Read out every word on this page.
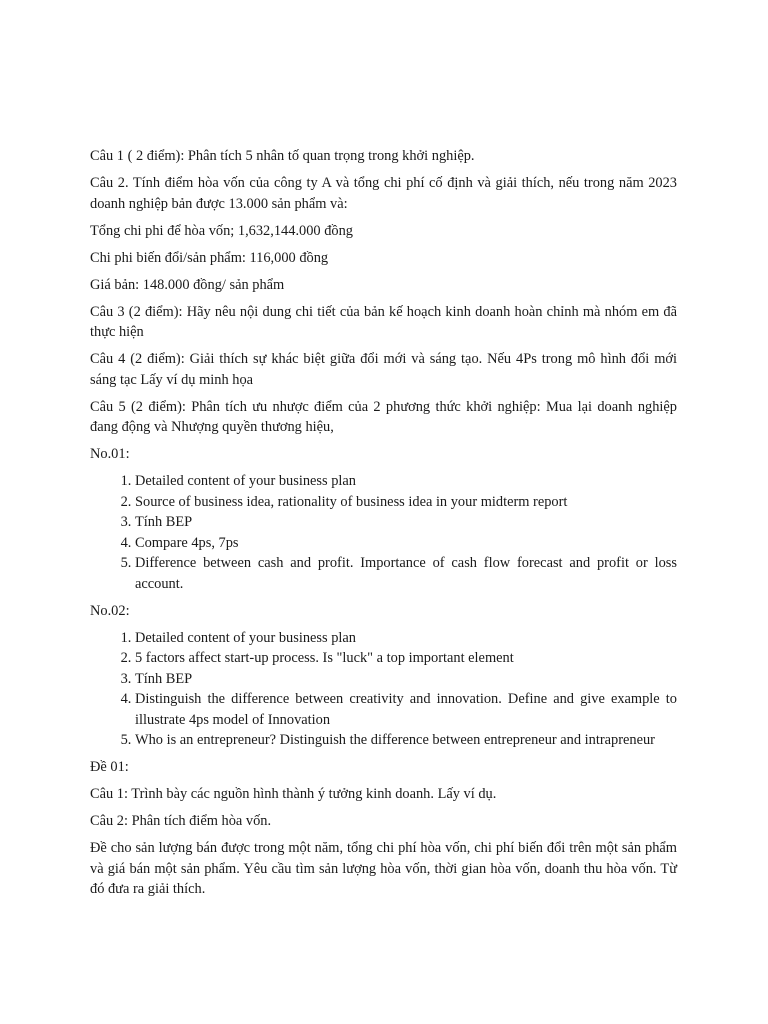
Câu 1 ( 2 điểm): Phân tích 5 nhân tố quan trọng trong khởi nghiệp.

Câu 2. Tính điểm hòa vốn của công ty A và tổng chi phí cố định và giải thích, nếu trong năm 2023 doanh nghiệp bản được 13.000 sản phẩm và:

Tổng chi phi để hòa vốn; 1,632,144.000 đồng

Chi phi biến đổi/sản phẩm: 116,000 đồng

Giá bản: 148.000 đồng/ sản phẩm

Câu 3 (2 điểm): Hãy nêu nội dung chi tiết của bản kế hoạch kinh doanh hoàn chỉnh mà nhóm em đã thực hiện

Câu 4 (2 điểm): Giải thích sự khác biệt giữa đổi mới và sáng tạo. Nếu 4Ps trong mô hình đổi mới sáng tạc Lấy ví dụ minh họa

Câu 5 (2 điểm): Phân tích ưu nhược điểm của 2 phương thức khởi nghiệp: Mua lại doanh nghiệp đang động và Nhượng quyền thương hiệu,

No.01:

1. Detailed content of your business plan
2. Source of business idea, rationality of business idea in your midterm report
3. Tính BEP
4. Compare 4ps, 7ps
5. Difference between cash and profit. Importance of cash flow forecast and profit or loss account.

No.02:

1. Detailed content of your business plan
2. 5 factors affect start-up process. Is "luck" a top important element
3. Tính BEP
4. Distinguish the difference between creativity and innovation. Define and give example to illustrate 4ps model of Innovation
5. Who is an entrepreneur? Distinguish the difference between entrepreneur and intrapreneur

Đề 01:

Câu 1: Trình bày các nguồn hình thành ý tưởng kinh doanh. Lấy ví dụ.

Câu 2: Phân tích điểm hòa vốn.

Đề cho sản lượng bán được trong một năm, tổng chi phí hòa vốn, chi phí biến đổi trên một sản phẩm và giá bán một sản phẩm. Yêu cầu tìm sản lượng hòa vốn, thời gian hòa vốn, doanh thu hòa vốn. Từ đó đưa ra giải thích.
